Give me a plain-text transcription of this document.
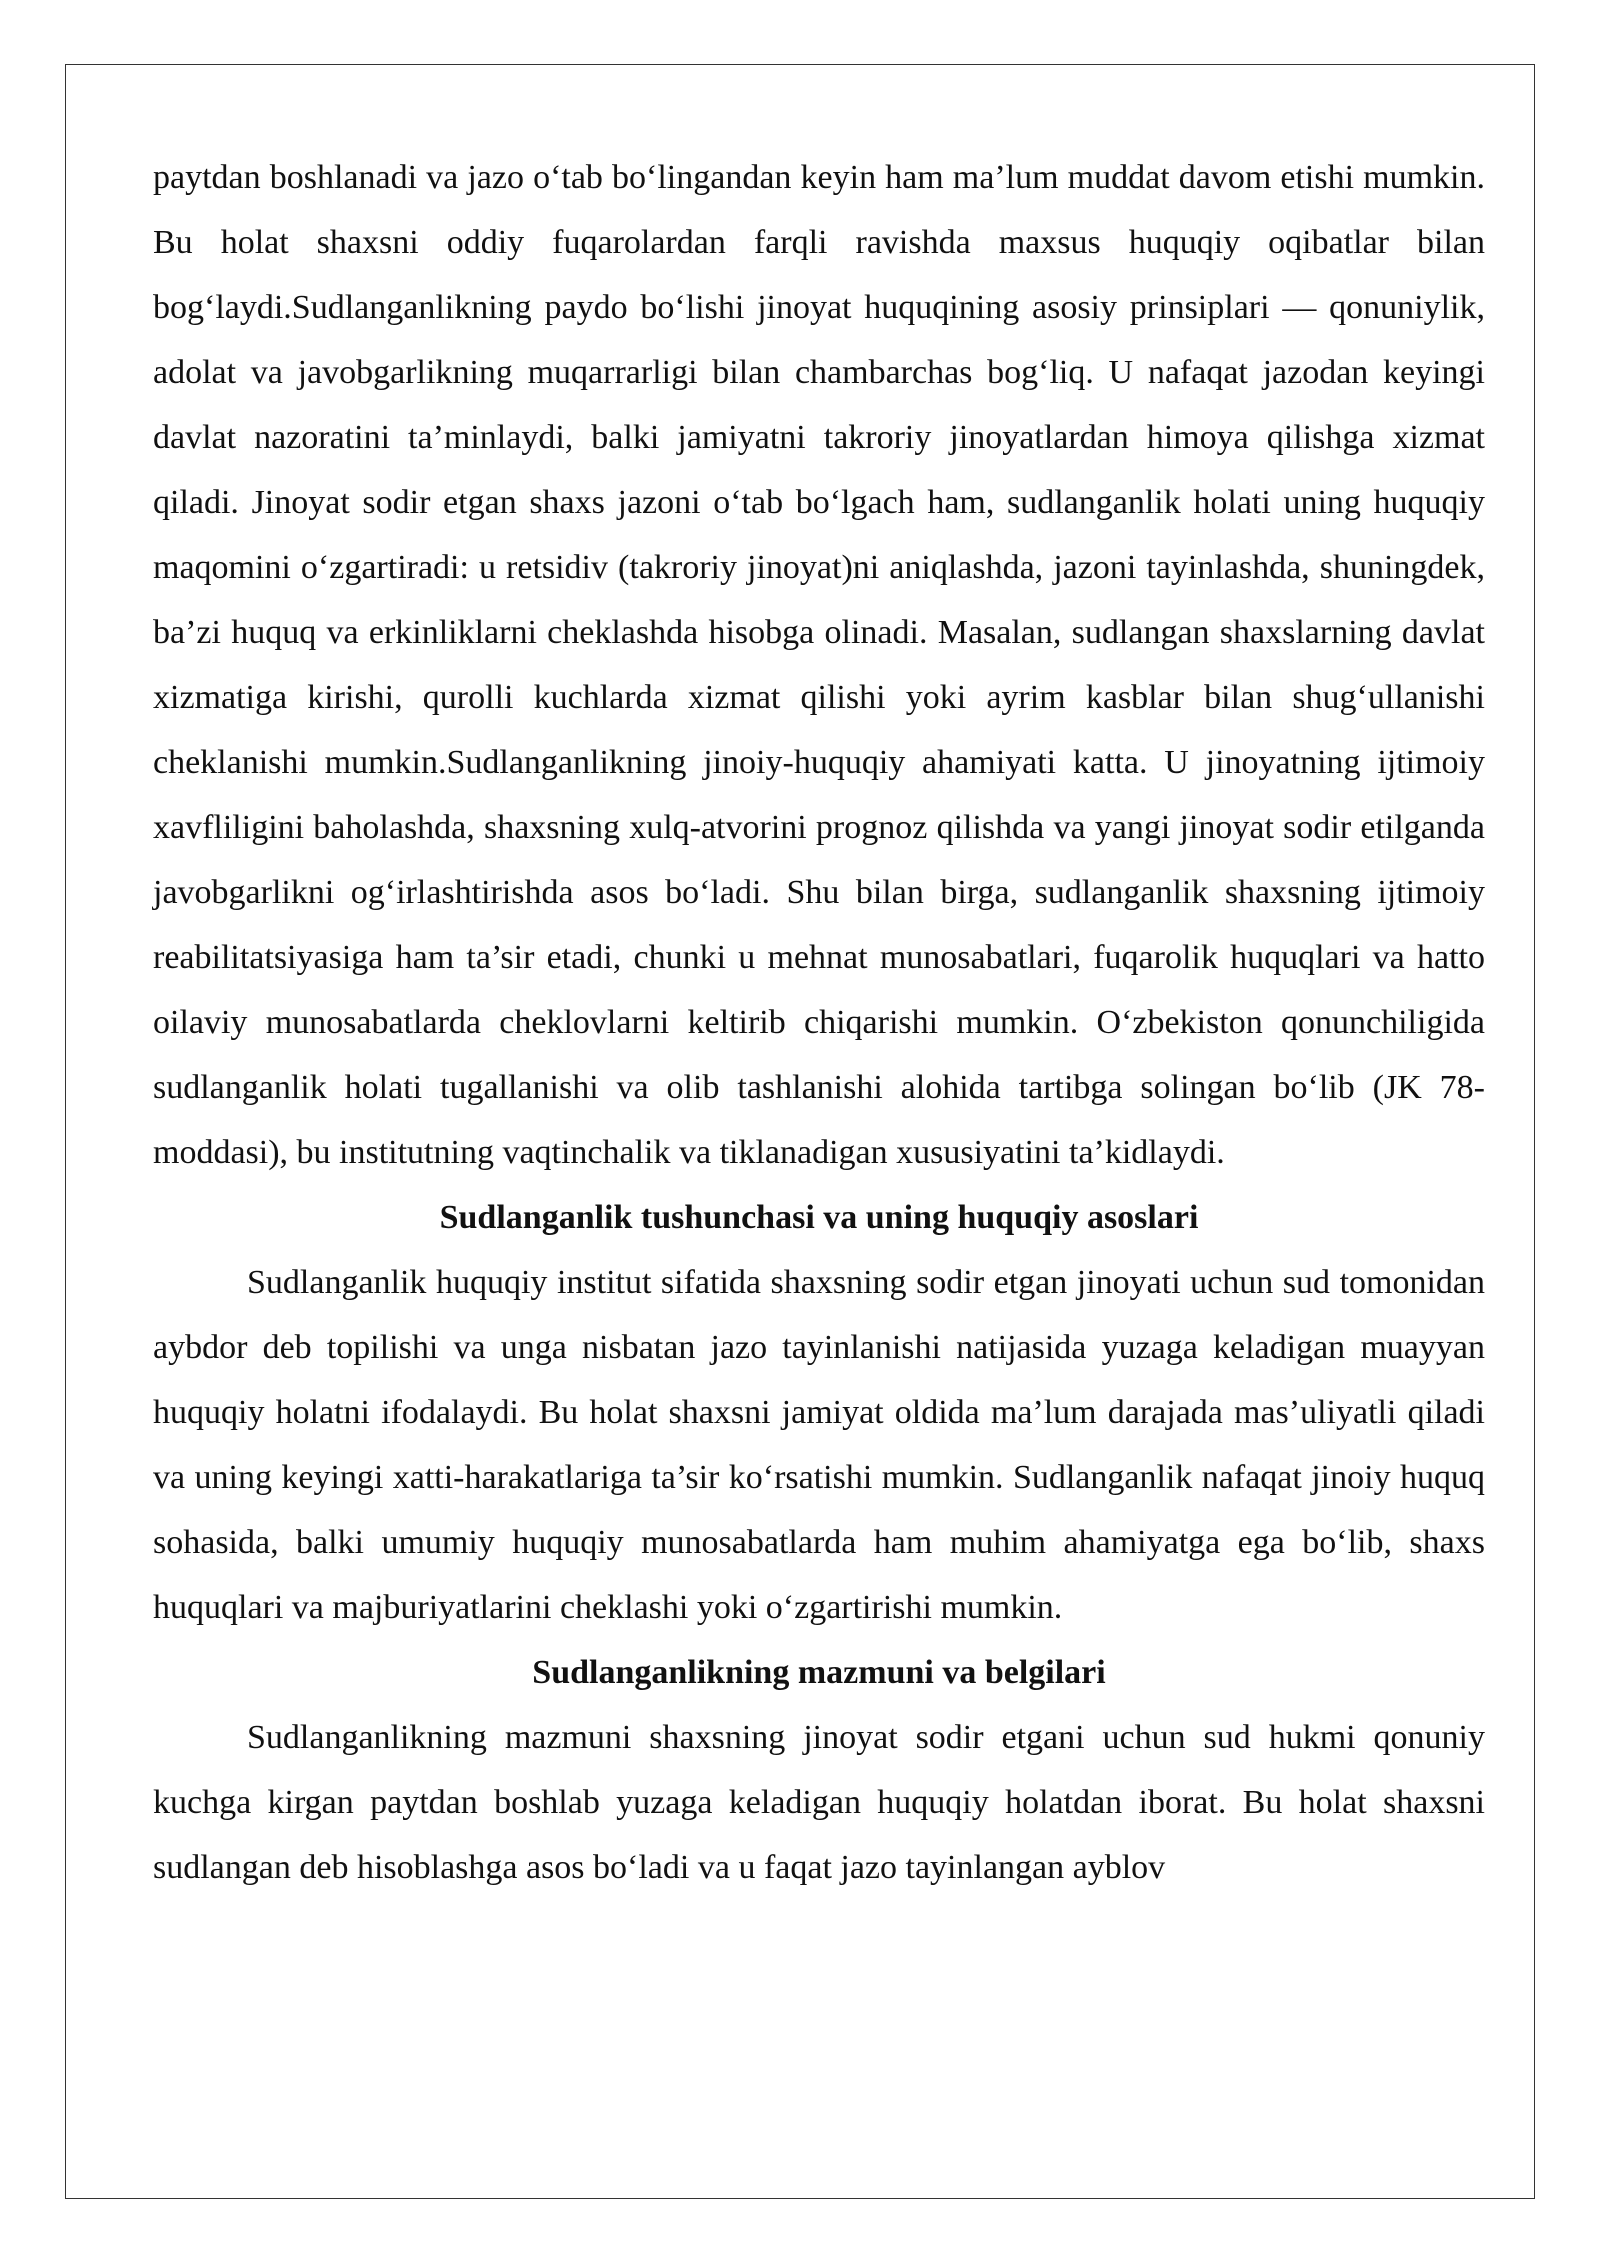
paytdan boshlanadi va jazo o‘tab bo‘lingandan keyin ham ma’lum muddat davom etishi mumkin. Bu holat shaxsni oddiy fuqarolardan farqli ravishda maxsus huquqiy oqibatlar bilan bog‘laydi.Sudlanganlikning paydo bo‘lishi jinoyat huquqining asosiy prinsiplari — qonuniylik, adolat va javobgarlikning muqarrarligi bilan chambarchas bog‘liq. U nafaqat jazodan keyingi davlat nazoratini ta’minlaydi, balki jamiyatni takroriy jinoyatlardan himoya qilishga xizmat qiladi. Jinoyat sodir etgan shaxs jazoni o‘tab bo‘lgach ham, sudlanganlik holati uning huquqiy maqomini o‘zgartiradi: u retsidiv (takroriy jinoyat)ni aniqlashda, jazoni tayinlashda, shuningdek, ba’zi huquq va erkinliklarni cheklashda hisobga olinadi. Masalan, sudlangan shaxslarning davlat xizmatiga kirishi, qurolli kuchlarda xizmat qilishi yoki ayrim kasblar bilan shug‘ullanishi cheklanishi mumkin.Sudlanganlikning jinoiy-huquqiy ahamiyati katta. U jinoyatning ijtimoiy xavfliligini baholashda, shaxsning xulq-atvorini prognoz qilishda va yangi jinoyat sodir etilganda javobgarlikni og‘irlashtirishda asos bo‘ladi. Shu bilan birga, sudlanganlik shaxsning ijtimoiy reabilitatsiyasiga ham ta’sir etadi, chunki u mehnat munosabatlari, fuqarolik huquqlari va hatto oilaviy munosabatlarda cheklovlarni keltirib chiqarishi mumkin. O‘zbekiston qonunchiligida sudlanganlik holati tugallanishi va olib tashlanishi alohida tartibga solingan bo‘lib (JK 78-moddasi), bu institutning vaqtinchalik va tiklanadigan xususiyatini ta’kidlaydi.

Sudlanganlik tushunchasi va uning huquqiy asoslari

Sudlanganlik huquqiy institut sifatida shaxsning sodir etgan jinoyati uchun sud tomonidan aybdor deb topilishi va unga nisbatan jazo tayinlanishi natijasida yuzaga keladigan muayyan huquqiy holatni ifodalaydi. Bu holat shaxsni jamiyat oldida ma’lum darajada mas’uliyatli qiladi va uning keyingi xatti-harakatlariga ta’sir ko‘rsatishi mumkin. Sudlanganlik nafaqat jinoiy huquq sohasida, balki umumiy huquqiy munosabatlarda ham muhim ahamiyatga ega bo‘lib, shaxs huquqlari va majburiyatlarini cheklashi yoki o‘zgartirishi mumkin.

Sudlanganlikning mazmuni va belgilari

Sudlanganlikning mazmuni shaxsning jinoyat sodir etgani uchun sud hukmi qonuniy kuchga kirgan paytdan boshlab yuzaga keladigan huquqiy holatdan iborat. Bu holat shaxsni sudlangan deb hisoblashga asos bo‘ladi va u faqat jazo tayinlangan ayblov
